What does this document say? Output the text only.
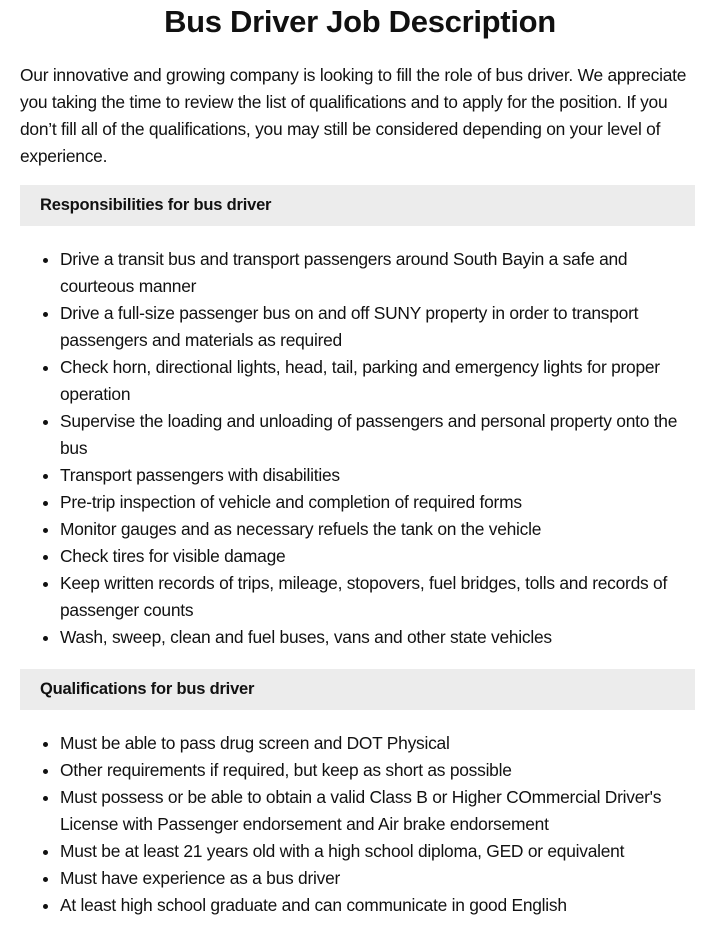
Bus Driver Job Description

Our innovative and growing company is looking to fill the role of bus driver. We appreciate you taking the time to review the list of qualifications and to apply for the position. If you don’t fill all of the qualifications, you may still be considered depending on your level of experience.

Responsibilities for bus driver
• Drive a transit bus and transport passengers around South Bayin a safe and courteous manner
• Drive a full-size passenger bus on and off SUNY property in order to transport passengers and materials as required
• Check horn, directional lights, head, tail, parking and emergency lights for proper operation
• Supervise the loading and unloading of passengers and personal property onto the bus
• Transport passengers with disabilities
• Pre-trip inspection of vehicle and completion of required forms
• Monitor gauges and as necessary refuels the tank on the vehicle
• Check tires for visible damage
• Keep written records of trips, mileage, stopovers, fuel bridges, tolls and records of passenger counts
• Wash, sweep, clean and fuel buses, vans and other state vehicles
Qualifications for bus driver
• Must be able to pass drug screen and DOT Physical
• Other requirements if required, but keep as short as possible
• Must possess or be able to obtain a valid Class B or Higher COmmercial Driver's License with Passenger endorsement and Air brake endorsement
• Must be at least 21 years old with a high school diploma, GED or equivalent
• Must have experience as a bus driver
• At least high school graduate and can communicate in good English
